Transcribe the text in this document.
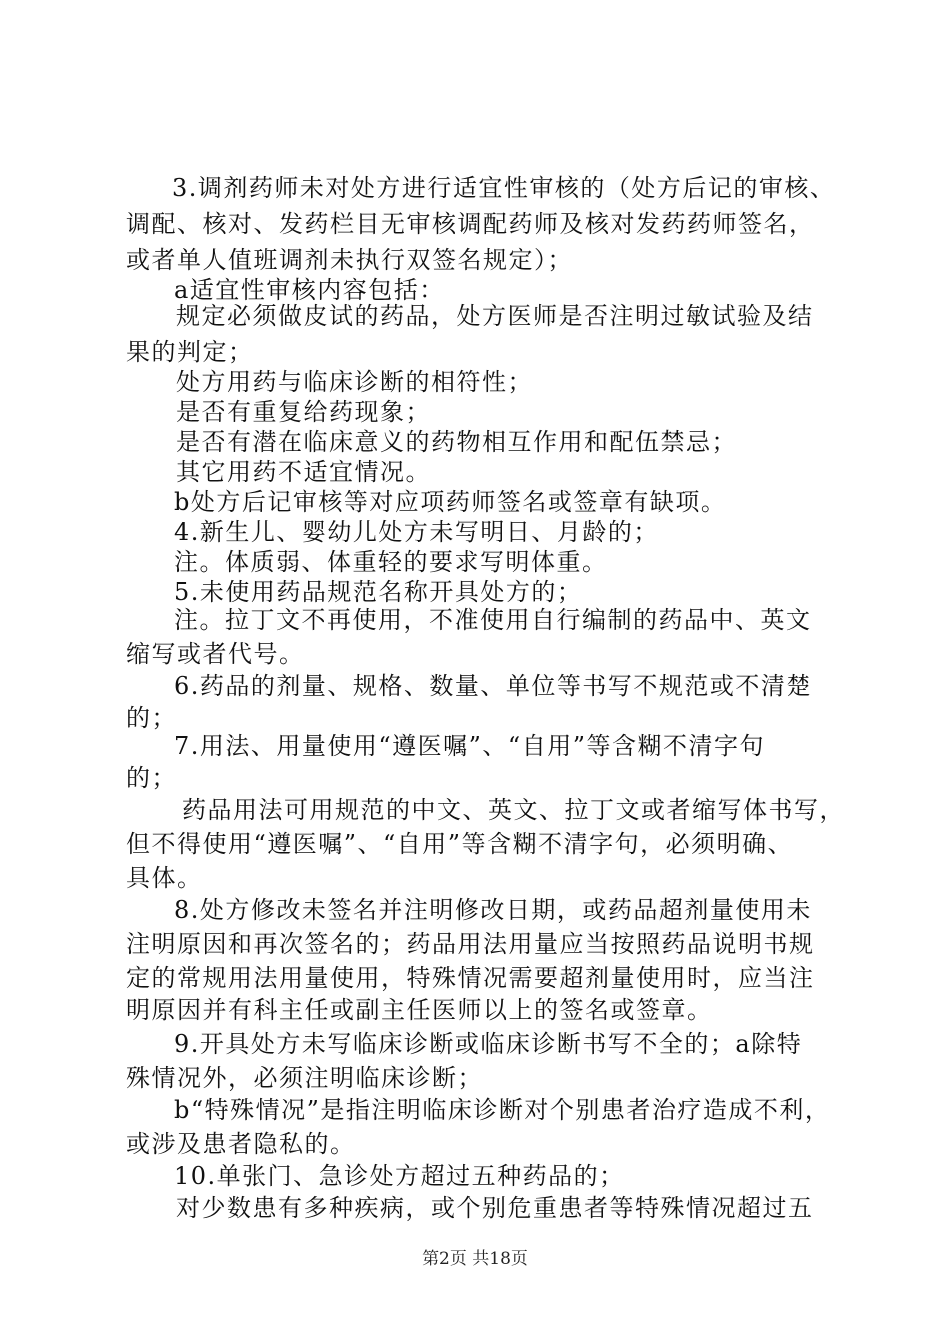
3.调剂药师未对处方进行适宜性审核的（处方后记的审核、
调配、核对、发药栏目无审核调配药师及核对发药药师签名，
或者单人值班调剂未执行双签名规定）；
a适宜性审核内容包括：
规定必须做皮试的药品，处方医师是否注明过敏试验及结
果的判定；
处方用药与临床诊断的相符性；
是否有重复给药现象；
是否有潜在临床意义的药物相互作用和配伍禁忌；
其它用药不适宜情况。
b处方后记审核等对应项药师签名或签章有缺项。
4.新生儿、婴幼儿处方未写明日、月龄的；
注。体质弱、体重轻的要求写明体重。
5.未使用药品规范名称开具处方的；
注。拉丁文不再使用，不准使用自行编制的药品中、英文
缩写或者代号。
6.药品的剂量、规格、数量、单位等书写不规范或不清楚
的；
7.用法、用量使用“遵医嘱”、“自用”等含糊不清字句
的；
药品用法可用规范的中文、英文、拉丁文或者缩写体书写，
但不得使用“遵医嘱”、“自用”等含糊不清字句，必须明确、
具体。
8.处方修改未签名并注明修改日期，或药品超剂量使用未
注明原因和再次签名的；药品用法用量应当按照药品说明书规
定的常规用法用量使用，特殊情况需要超剂量使用时，应当注
明原因并有科主任或副主任医师以上的签名或签章。
9.开具处方未写临床诊断或临床诊断书写不全的；a除特
殊情况外，必须注明临床诊断；
b“特殊情况”是指注明临床诊断对个别患者治疗造成不利，
或涉及患者隐私的。
10.单张门、急诊处方超过五种药品的；
对少数患有多种疾病，或个别危重患者等特殊情况超过五
第2页 共18页
